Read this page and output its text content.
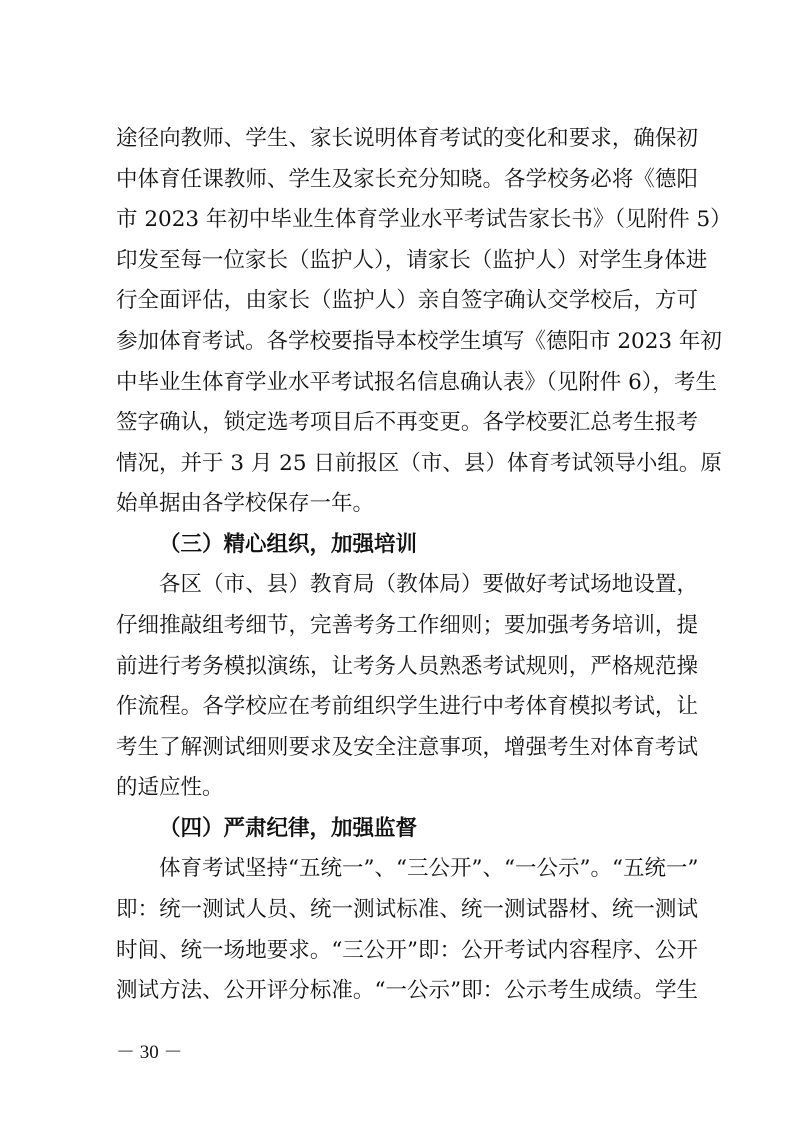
途径向教师、学生、家长说明体育考试的变化和要求，确保初
中体育任课教师、学生及家长充分知晓。各学校务必将《德阳
市 2023 年初中毕业生体育学业水平考试告家长书》（见附件 5）
印发至每一位家长（监护人），请家长（监护人）对学生身体进
行全面评估，由家长（监护人）亲自签字确认交学校后，方可
参加体育考试。各学校要指导本校学生填写《德阳市 2023 年初
中毕业生体育学业水平考试报名信息确认表》（见附件 6），考生
签字确认，锁定选考项目后不再变更。各学校要汇总考生报考
情况，并于 3 月 25 日前报区（市、县）体育考试领导小组。原
始单据由各学校保存一年。
（三）精心组织，加强培训
各区（市、县）教育局（教体局）要做好考试场地设置，
仔细推敲组考细节，完善考务工作细则；要加强考务培训，提
前进行考务模拟演练，让考务人员熟悉考试规则，严格规范操
作流程。各学校应在考前组织学生进行中考体育模拟考试，让
考生了解测试细则要求及安全注意事项，增强考生对体育考试
的适应性。
（四）严肃纪律，加强监督
体育考试坚持“五统一”、“三公开”、“一公示”。“五统一”
即：统一测试人员、统一测试标准、统一测试器材、统一测试
时间、统一场地要求。“三公开”即：公开考试内容程序、公开
测试方法、公开评分标准。“一公示”即：公示考生成绩。学生
－ 30 －
